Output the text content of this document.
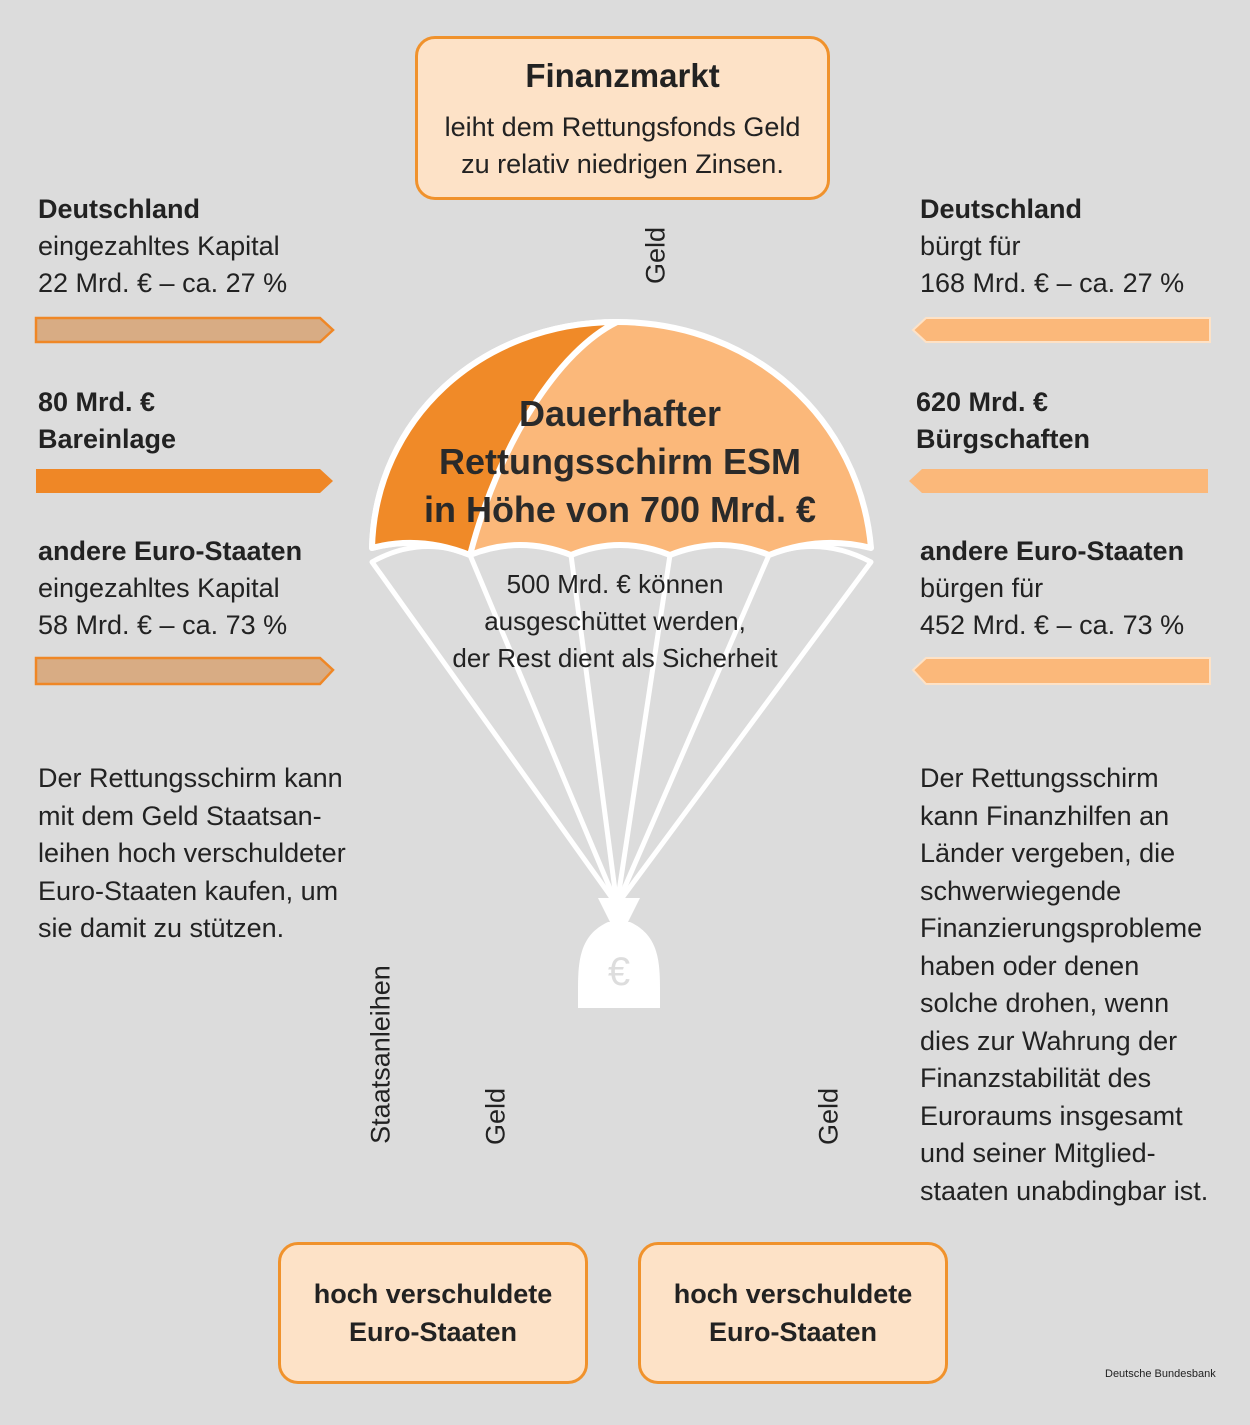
€
Finanzmarkt
leiht dem Rettungsfonds Geld
zu relativ niedrigen Zinsen.
Deutschland
eingezahltes Kapital
22 Mrd. € – ca. 27 %
80 Mrd. €
Bareinlage
andere Euro-Staaten
eingezahltes Kapital
58 Mrd. € – ca. 73 %
Deutschland
bürgt für
168 Mrd. € – ca. 27 %
620 Mrd. €
Bürgschaften
andere Euro-Staaten
bürgen für
452 Mrd. € – ca. 73 %
Dauerhafter
Rettungsschirm ESM
in Höhe von 700 Mrd. €
500 Mrd. € können
ausgeschüttet werden,
der Rest dient als Sicherheit
Der Rettungsschirm kann
mit dem Geld Staatsan-
leihen hoch verschuldeter
Euro-Staaten kaufen, um
sie damit zu stützen.
Der Rettungsschirm
kann Finanzhilfen an
Länder vergeben, die
schwerwiegende
Finanzierungsprobleme
haben oder denen
solche drohen, wenn
dies zur Wahrung der
Finanzstabilität des
Euroraums insgesamt
und seiner Mitglied-
staaten unabdingbar ist.
Geld
Staatsanleihen	Geld	Geld
hoch verschuldete
Euro-Staaten
hoch verschuldete
Euro-Staaten
Deutsche Bundesbank
